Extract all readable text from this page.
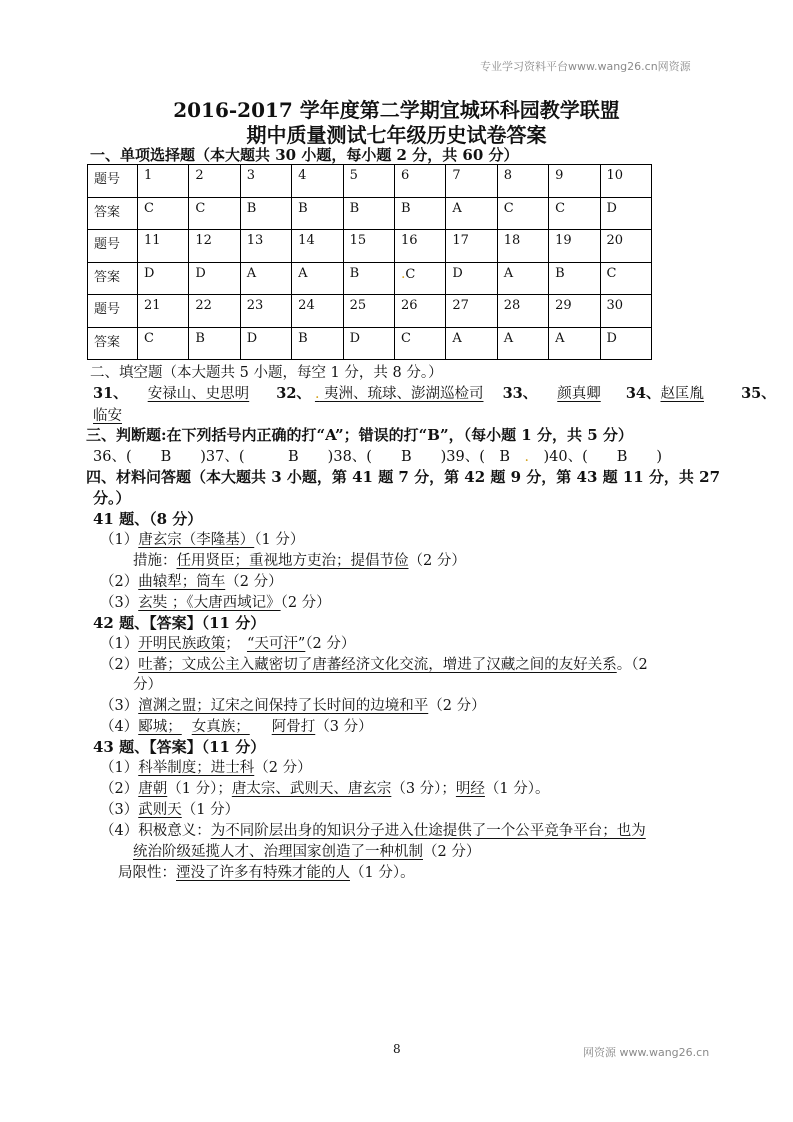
专业学习资料平台www.wang26.cn网资源
2016-2017 学年度第二学期宜城环科园教学联盟
期中质量测试七年级历史试卷答案
一、单项选择题（本大题共 30 小题，每小题 2 分，共 60 分）
题号	1	2	3	4	5	6	7	8	9	10
答案	C	C	B	B	B	B	A	C	C	D
题号	11	12	13	14	15	16	17	18	19	20
答案	D	D	A	A	B	.C	D	A	B	C
题号	21	22	23	24	25	26	27	28	29	30
答案	C	B	D	B	D	C	A	A	A	D
二、填空题（本大题共 5 小题，每空 1 分，共 8 分。）
31、 安禄山、史思明 32、 . 夷洲、琉球、澎湖巡检司 33、 颜真卿 34、赵匡胤	35、
临安
三、判断题:在下列括号内正确的打“A”；错误的打“B”，（每小题 1 分，共 5 分）
36、(　　B　　)37、(　　　B　　)38、(　　B　　)39、(　B　.　)40、(　　B　　)
四、材料问答题（本大题共 3 小题，第 41 题 7 分，第 42 题 9 分，第 43 题 11 分，共 27
分。）
41 题、（8 分）
（1）唐玄宗（李隆基）（1 分）
措施：任用贤臣；重视地方吏治；提倡节俭（2 分）
（2）曲辕犁；筒车（2 分）
（3）玄奘 ；《大唐西域记》（2 分）
42 题、【答案】（11 分）
（1）开明民族政策；　“天可汗”（2 分）
（2）吐蕃；文成公主入藏密切了唐蕃经济文化交流，增进了汉藏之间的友好关系。（2
分）
（3）澶渊之盟；辽宋之间保持了长时间的边境和平（2 分）
（4）郾城； 女真族； 阿骨打（3 分）
43 题、【答案】（11 分）
（1）科举制度；进士科（2 分）
（2）唐朝（1 分）；唐太宗、武则天、唐玄宗（3 分）；明经（1 分）。
（3）武则天（1 分）
（4）积极意义：为不同阶层出身的知识分子进入仕途提供了一个公平竞争平台；也为
统治阶级延揽人才、治理国家创造了一种机制（2 分）
局限性：湮没了许多有特殊才能的人（1 分）。
8	网资源 www.wang26.cn
